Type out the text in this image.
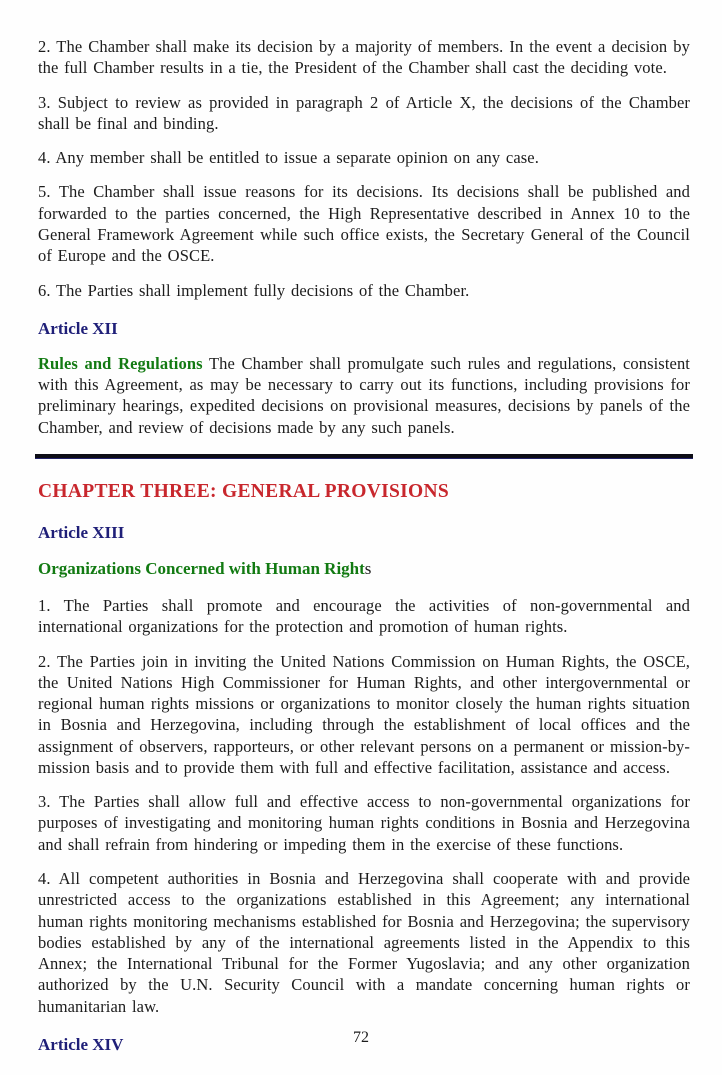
2. The Chamber shall make its decision by a majority of members. In the event a decision by the full Chamber results in a tie, the President of the Chamber shall cast the deciding vote.

3. Subject to review as provided in paragraph 2 of Article X, the decisions of the Chamber shall be final and binding.

4. Any member shall be entitled to issue a separate opinion on any case.

5. The Chamber shall issue reasons for its decisions. Its decisions shall be published and forwarded to the parties concerned, the High Representative described in Annex 10 to the General Framework Agreement while such office exists, the Secretary General of the Council of Europe and the OSCE.

6. The Parties shall implement fully decisions of the Chamber.

Article XII

Rules and Regulations The Chamber shall promulgate such rules and regulations, consistent with this Agreement, as may be necessary to carry out its functions, including provisions for preliminary hearings, expedited decisions on provisional measures, decisions by panels of the Chamber, and review of decisions made by any such panels.

CHAPTER THREE: GENERAL PROVISIONS
Article XIII
Organizations Concerned with Human Rights

1. The Parties shall promote and encourage the activities of non-governmental and international organizations for the protection and promotion of human rights.

2. The Parties join in inviting the United Nations Commission on Human Rights, the OSCE, the United Nations High Commissioner for Human Rights, and other intergovernmental or regional human rights missions or organizations to monitor closely the human rights situation in Bosnia and Herzegovina, including through the establishment of local offices and the assignment of observers, rapporteurs, or other relevant persons on a permanent or mission-by-mission basis and to provide them with full and effective facilitation, assistance and access.

3. The Parties shall allow full and effective access to non-governmental organizations for purposes of investigating and monitoring human rights conditions in Bosnia and Herzegovina and shall refrain from hindering or impeding them in the exercise of these functions.

4. All competent authorities in Bosnia and Herzegovina shall cooperate with and provide unrestricted access to the organizations established in this Agreement; any international human rights monitoring mechanisms established for Bosnia and Herzegovina; the supervisory bodies established by any of the international agreements listed in the Appendix to this Annex; the International Tribunal for the Former Yugoslavia; and any other organization authorized by the U.N. Security Council with a mandate concerning human rights or humanitarian law.

Article XIV	72
